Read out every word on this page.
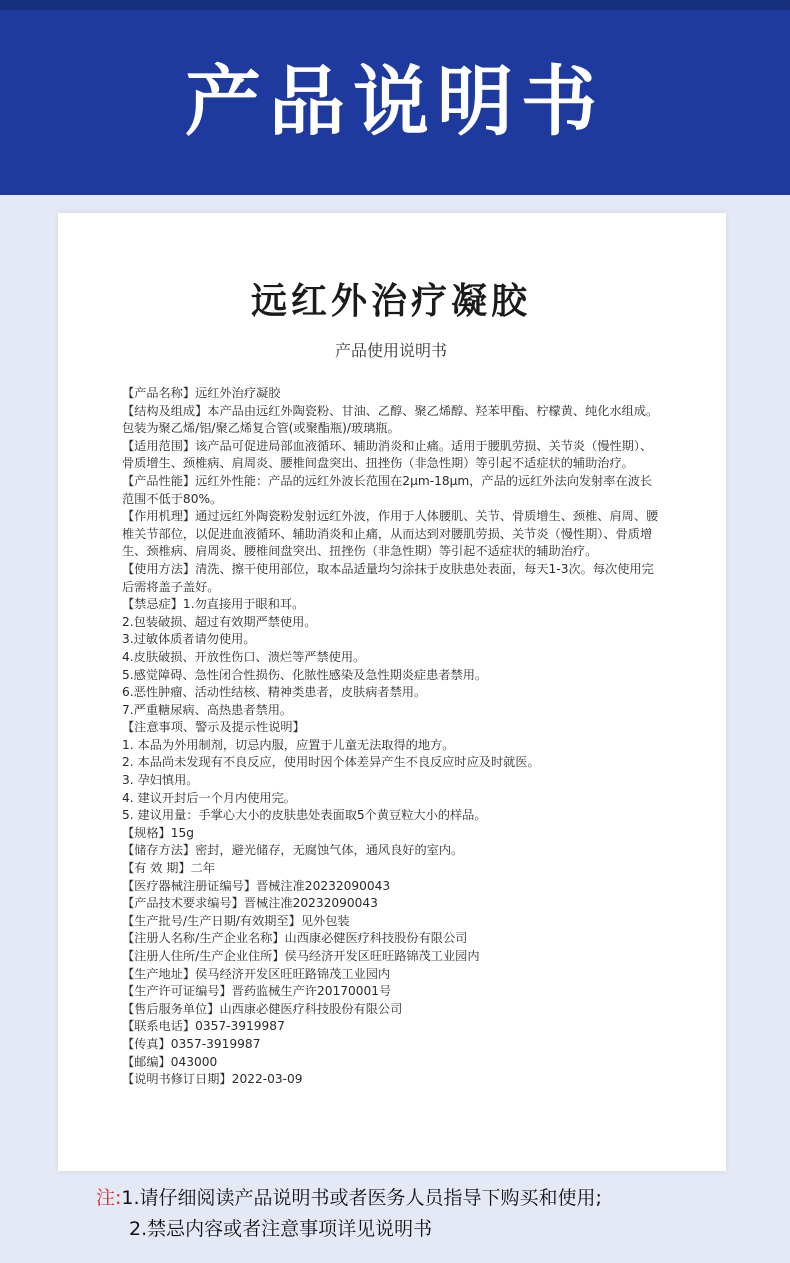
产品说明书
远红外治疗凝胶
产品使用说明书

【产品名称】远红外治疗凝胶

【结构及组成】本产品由远红外陶瓷粉、甘油、乙醇、聚乙烯醇、羟苯甲酯、柠檬黄、纯化水组成。包装为聚乙烯/铝/聚乙烯复合管(或聚酯瓶)/玻璃瓶。

【适用范围】该产品可促进局部血液循环、辅助消炎和止痛。适用于腰肌劳损、关节炎（慢性期）、骨质增生、颈椎病、肩周炎、腰椎间盘突出、扭挫伤（非急性期）等引起不适症状的辅助治疗。

【产品性能】远红外性能：产品的远红外波长范围在2μm-18μm，产品的远红外法向发射率在波长范围不低于80%。

【作用机理】通过远红外陶瓷粉发射远红外波，作用于人体腰肌、关节、骨质增生、颈椎、肩周、腰椎关节部位，以促进血液循环、辅助消炎和止痛，从而达到对腰肌劳损、关节炎（慢性期）、骨质增生、颈椎病、肩周炎、腰椎间盘突出、扭挫伤（非急性期）等引起不适症状的辅助治疗。

【使用方法】清洗、擦干使用部位，取本品适量均匀涂抹于皮肤患处表面，每天1-3次。每次使用完后需将盖子盖好。

【禁忌症】1.勿直接用于眼和耳。

2.包装破损、超过有效期严禁使用。

3.过敏体质者请勿使用。

4.皮肤破损、开放性伤口、溃烂等严禁使用。

5.感觉障碍、急性闭合性损伤、化脓性感染及急性期炎症患者禁用。

6.恶性肿瘤、活动性结核、精神类患者，皮肤病者禁用。

7.严重糖尿病、高热患者禁用。

【注意事项、警示及提示性说明】

1. 本品为外用制剂，切忌内服，应置于儿童无法取得的地方。

2. 本品尚未发现有不良反应，使用时因个体差异产生不良反应时应及时就医。

3. 孕妇慎用。

4. 建议开封后一个月内使用完。

5. 建议用量：手掌心大小的皮肤患处表面取5个黄豆粒大小的样品。

【规格】15g

【储存方法】密封，避光储存，无腐蚀气体，通风良好的室内。

【有 效 期】二年

【医疗器械注册证编号】晋械注准20232090043

【产品技术要求编号】晋械注准20232090043

【生产批号/生产日期/有效期至】见外包装

【注册人名称/生产企业名称】山西康必健医疗科技股份有限公司

【注册人住所/生产企业住所】侯马经济开发区旺旺路锦茂工业园内

【生产地址】侯马经济开发区旺旺路锦茂工业园内

【生产许可证编号】晋药监械生产许20170001号

【售后服务单位】山西康必健医疗科技股份有限公司

【联系电话】0357-3919987

【传真】0357-3919987

【邮编】043000

【说明书修订日期】2022-03-09

注:1.请仔细阅读产品说明书或者医务人员指导下购买和使用;
2.禁忌内容或者注意事项详见说明书
